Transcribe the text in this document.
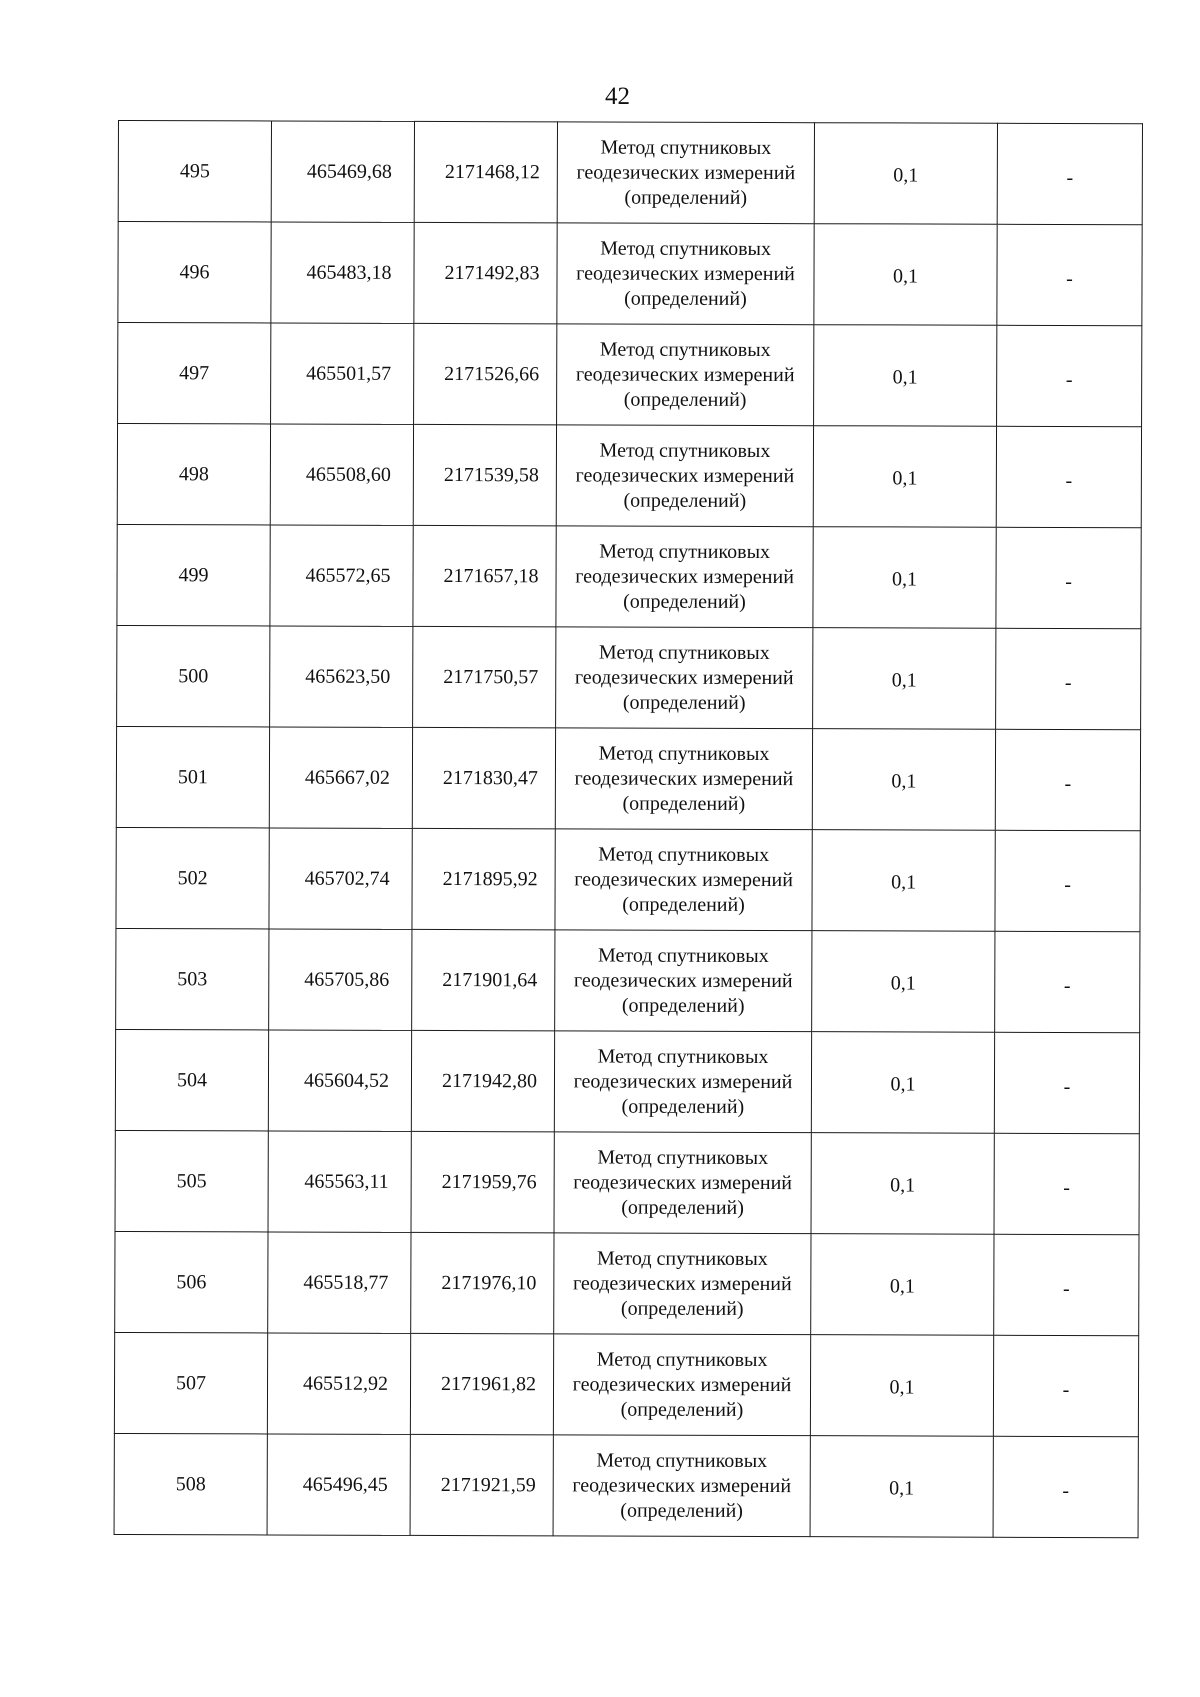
42
495	465469,68	2171468,12	Метод спутниковых
геодезических измерений
(определений)	0,1	-
496	465483,18	2171492,83	Метод спутниковых
геодезических измерений
(определений)	0,1	-
497	465501,57	2171526,66	Метод спутниковых
геодезических измерений
(определений)	0,1	-
498	465508,60	2171539,58	Метод спутниковых
геодезических измерений
(определений)	0,1	-
499	465572,65	2171657,18	Метод спутниковых
геодезических измерений
(определений)	0,1	-
500	465623,50	2171750,57	Метод спутниковых
геодезических измерений
(определений)	0,1	-
501	465667,02	2171830,47	Метод спутниковых
геодезических измерений
(определений)	0,1	-
502	465702,74	2171895,92	Метод спутниковых
геодезических измерений
(определений)	0,1	-
503	465705,86	2171901,64	Метод спутниковых
геодезических измерений
(определений)	0,1	-
504	465604,52	2171942,80	Метод спутниковых
геодезических измерений
(определений)	0,1	-
505	465563,11	2171959,76	Метод спутниковых
геодезических измерений
(определений)	0,1	-
506	465518,77	2171976,10	Метод спутниковых
геодезических измерений
(определений)	0,1	-
507	465512,92	2171961,82	Метод спутниковых
геодезических измерений
(определений)	0,1	-
508	465496,45	2171921,59	Метод спутниковых
геодезических измерений
(определений)	0,1	-
